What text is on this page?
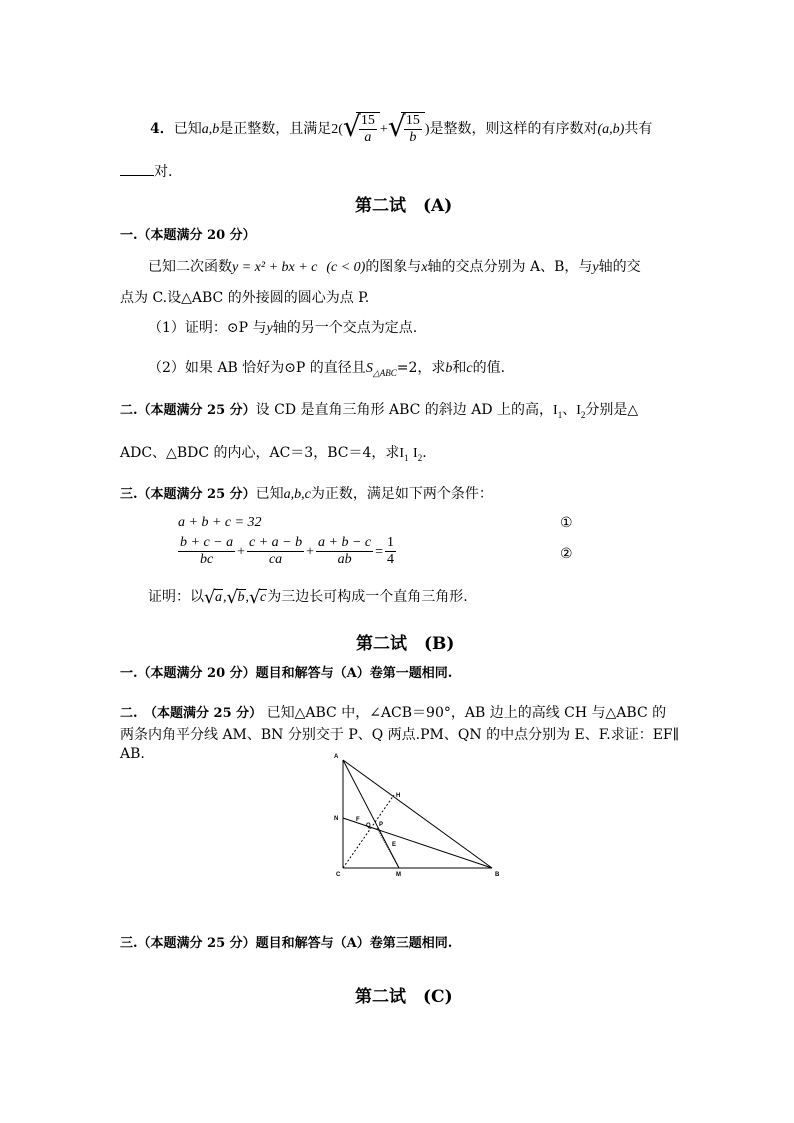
4．已知a,b是正整数，且满足2( √
$\frac{15}{a}$ + √
$\frac{15}{b}$ )是整数，则这样的有序数对(a,b)共有
对.
第二试　(A)
一.（本题满分 20 分）
已知二次函数y = x² + bx + c (c < 0)的图象与x轴的交点分别为 A、B，与y轴的交
点为 C.设△ABC 的外接圆的圆心为点 P.
（1）证明：⊙P 与y轴的另一个交点为定点.
（2）如果 AB 恰好为⊙P 的直径且$S_{\triangle ABC}=2$，求b和c的值.
二.（本题满分 25 分）设 CD 是直角三角形 ABC 的斜边 AD 上的高，$I_1$、$I_2$分别是△
ADC、△BDC 的内心，AC＝3，BC＝4，求$I_1$ $I_2$.
三.（本题满分 25 分）已知a,b,c为正数，满足如下两个条件：
a + b + c = 32	①
$\frac{b + c - a}{bc} + \frac{c + a - b}{ca} + \frac{a + b - c}{ab} = \frac{1}{4}$	②
证明：以 √ a, √ b, √ c为三边长可构成一个直角三角形.
第二试　(B)
一.（本题满分 20 分）题目和解答与（A）卷第一题相同.
二.　（本题满分 25 分） 已知△ABC 中，∠ACB＝90°，AB 边上的高线 CH 与△ABC 的
两条内角平分线 AM、BN 分别交于 P、Q 两点.PM、QN 的中点分别为 E、F.求证：EF∥
AB.	A
H
N	F
Q P
E
C	M	B
三.（本题满分 25 分）题目和解答与（A）卷第三题相同.
第二试　(C)
